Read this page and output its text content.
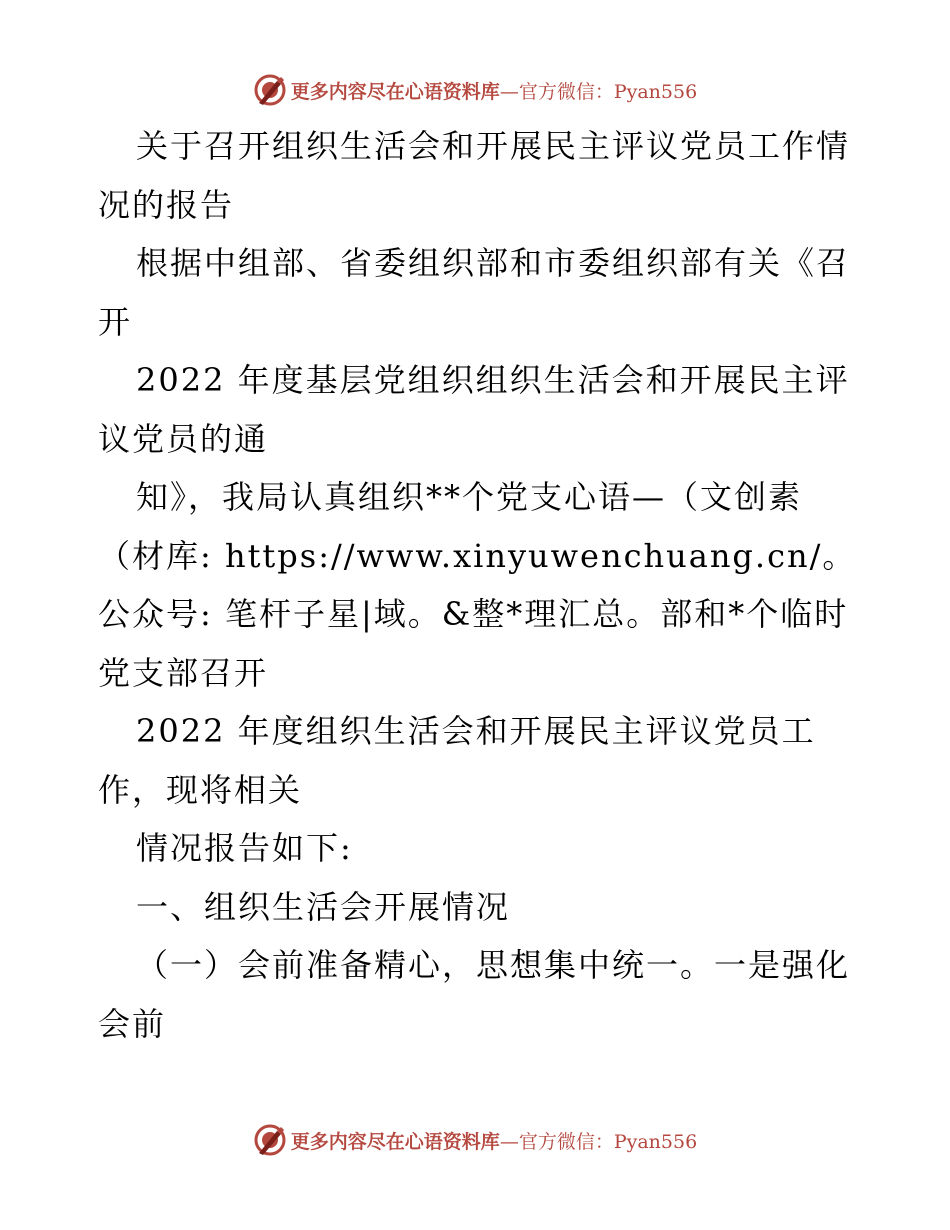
更多内容尽在心语资料库—官方微信：Pyan556

关于召开组织生活会和开展民主评议党员工作情况的报告

根据中组部、省委组织部和市委组织部有关《召开

2022 年度基层党组织组织生活会和开展民主评议党员的通

知》，我局认真组织**个党支心语—（文创素（材库: https://www.xinyuwenchuang.cn/。公众号: 笔杆子星|域。&整*理汇总。部和*个临时党支部召开

2022 年度组织生活会和开展民主评议党员工作，现将相关

情况报告如下:

一、组织生活会开展情况

（一）会前准备精心，思想集中统一。一是强化会前

更多内容尽在心语资料库—官方微信：Pyan556
